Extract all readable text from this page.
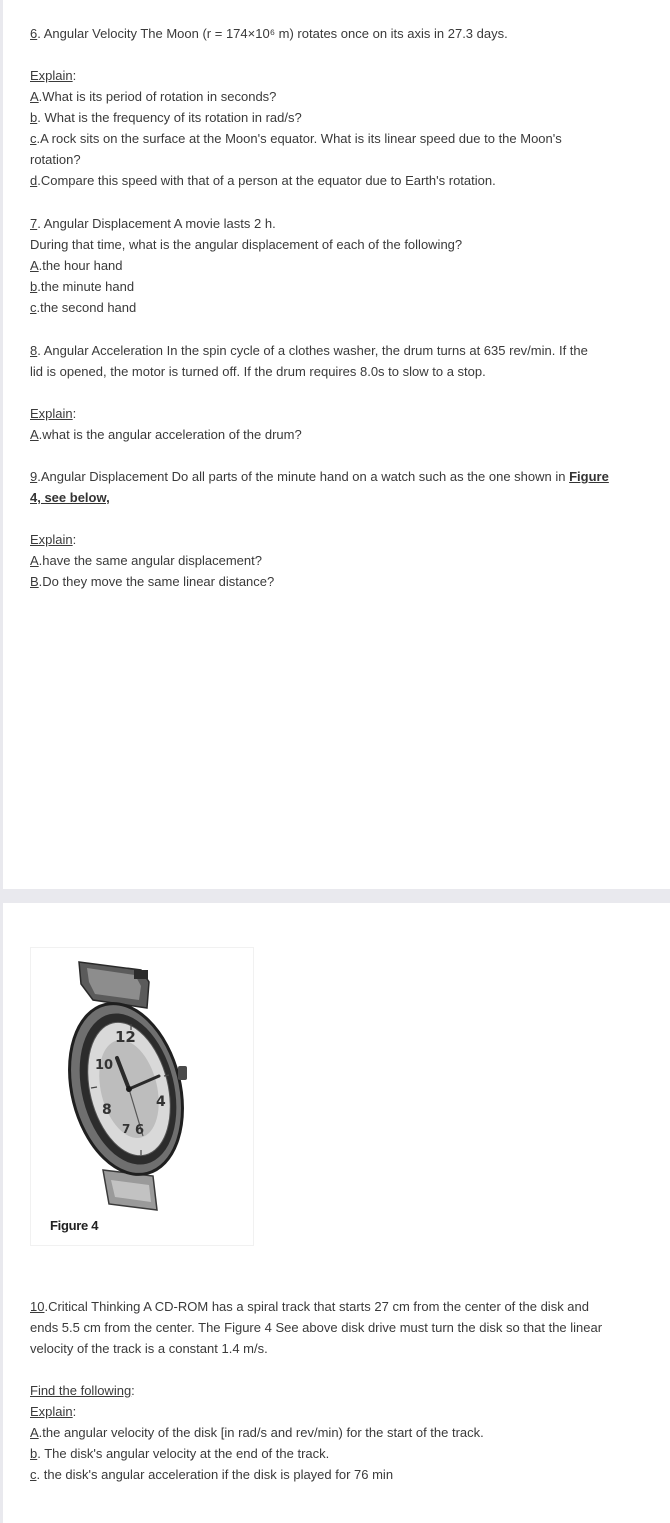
6. Angular Velocity The Moon (r = 174×10⁶ m) rotates once on its axis in 27.3 days.
Explain:
A.What is its period of rotation in seconds?
b. What is the frequency of its rotation in rad/s?
c.A rock sits on the surface at the Moon's equator. What is its linear speed due to the Moon's
rotation?
d.Compare this speed with that of a person at the equator due to Earth's rotation.
7. Angular Displacement A movie lasts 2 h.
During that time, what is the angular displacement of each of the following?
A.the hour hand
b.the minute hand
c.the second hand
8. Angular Acceleration In the spin cycle of a clothes washer, the drum turns at 635 rev/min. If the
lid is opened, the motor is turned off. If the drum requires 8.0s to slow to a stop.
Explain:
A.what is the angular acceleration of the drum?
9.Angular Displacement Do all parts of the minute hand on a watch such as the one shown in Figure
4, see below,
Explain:
A.have the same angular displacement?
B.Do they move the same linear distance?
12
10
8
7 6
4
Figure 4
10.Critical Thinking A CD-ROM has a spiral track that starts 27 cm from the center of the disk and
ends 5.5 cm from the center. The Figure 4 See above disk drive must turn the disk so that the linear
velocity of the track is a constant 1.4 m/s.
Find the following:
Explain:
A.the angular velocity of the disk [in rad/s and rev/min) for the start of the track.
b. The disk's angular velocity at the end of the track.
c. the disk's angular acceleration if the disk is played for 76 min
